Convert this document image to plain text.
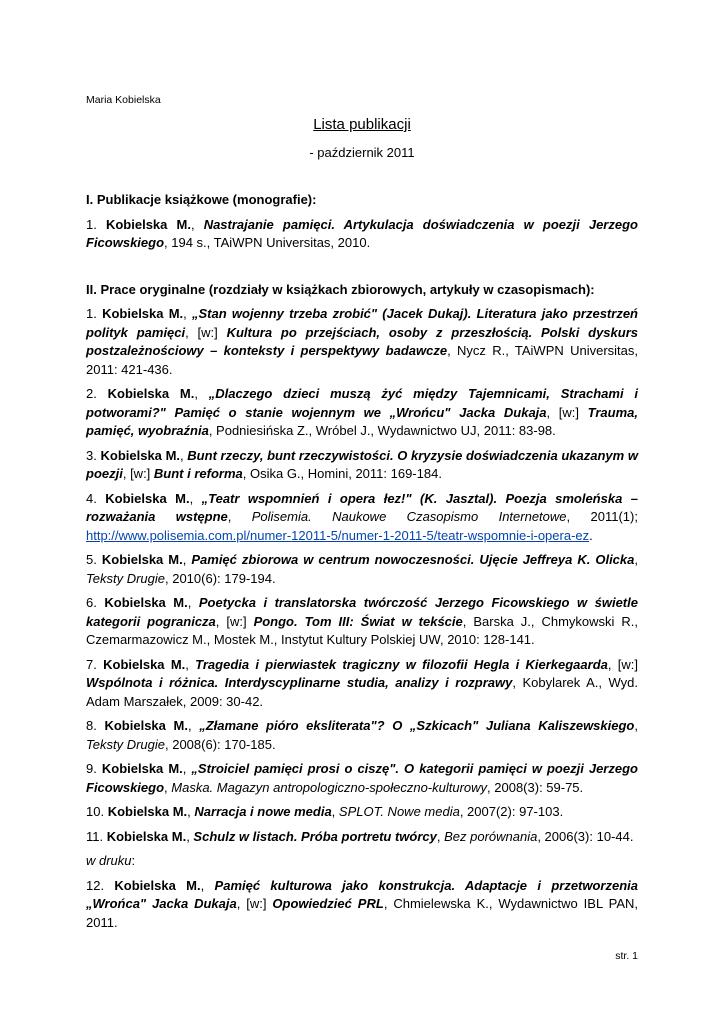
Maria Kobielska
Lista publikacji
- październik 2011

I. Publikacje książkowe (monografie):

1. Kobielska M., Nastrajanie pamięci. Artykulacja doświadczenia w poezji Jerzego Ficowskiego, 194 s., TAiWPN Universitas, 2010.

II. Prace oryginalne (rozdziały w książkach zbiorowych, artykuły w czasopismach):

1. Kobielska M., „Stan wojenny trzeba zrobić" (Jacek Dukaj). Literatura jako przestrzeń polityk pamięci, [w:] Kultura po przejściach, osoby z przeszłością. Polski dyskurs postzależnościowy – konteksty i perspektywy badawcze, Nycz R., TAiWPN Universitas, 2011: 421-436.

2. Kobielska M., „Dlaczego dzieci muszą żyć między Tajemnicami, Strachami i potworami?" Pamięć o stanie wojennym we „Wrońcu" Jacka Dukaja, [w:] Trauma, pamięć, wyobraźnia, Podniesińska Z., Wróbel J., Wydawnictwo UJ, 2011: 83-98.

3. Kobielska M., Bunt rzeczy, bunt rzeczywistości. O kryzysie doświadczenia ukazanym w poezji, [w:] Bunt i reforma, Osika G., Homini, 2011: 169-184.

4. Kobielska M., „Teatr wspomnień i opera łez!" (K. Jasztal). Poezja smoleńska – rozważania wstępne, Polisemia. Naukowe Czasopismo Internetowe, 2011(1); http://www.polisemia.com.pl/numer-12011-5/numer-1-2011-5/teatr-wspomnie-i-opera-ez.

5. Kobielska M., Pamięć zbiorowa w centrum nowoczesności. Ujęcie Jeffreya K. Olicka, Teksty Drugie, 2010(6): 179-194.

6. Kobielska M., Poetycka i translatorska twórczość Jerzego Ficowskiego w świetle kategorii pogranicza, [w:] Pongo. Tom III: Świat w tekście, Barska J., Chmykowski R., Czemarmazowicz M., Mostek M., Instytut Kultury Polskiej UW, 2010: 128-141.

7. Kobielska M., Tragedia i pierwiastek tragiczny w filozofii Hegla i Kierkegaarda, [w:] Wspólnota i różnica. Interdyscyplinarne studia, analizy i rozprawy, Kobylarek A., Wyd. Adam Marszałek, 2009: 30-42.

8. Kobielska M., „Złamane pióro eksliterata"? O „Szkicach" Juliana Kaliszewskiego, Teksty Drugie, 2008(6): 170-185.

9. Kobielska M., „Stroiciel pamięci prosi o ciszę". O kategorii pamięci w poezji Jerzego Ficowskiego, Maska. Magazyn antropologiczno-społeczno-kulturowy, 2008(3): 59-75.

10. Kobielska M., Narracja i nowe media, SPLOT. Nowe media, 2007(2): 97-103.

11. Kobielska M., Schulz w listach. Próba portretu twórcy, Bez porównania, 2006(3): 10-44.

w druku:

12. Kobielska M., Pamięć kulturowa jako konstrukcja. Adaptacje i przetworzenia „Wrońca" Jacka Dukaja, [w:] Opowiedzieć PRL, Chmielewska K., Wydawnictwo IBL PAN, 2011.

str. 1
